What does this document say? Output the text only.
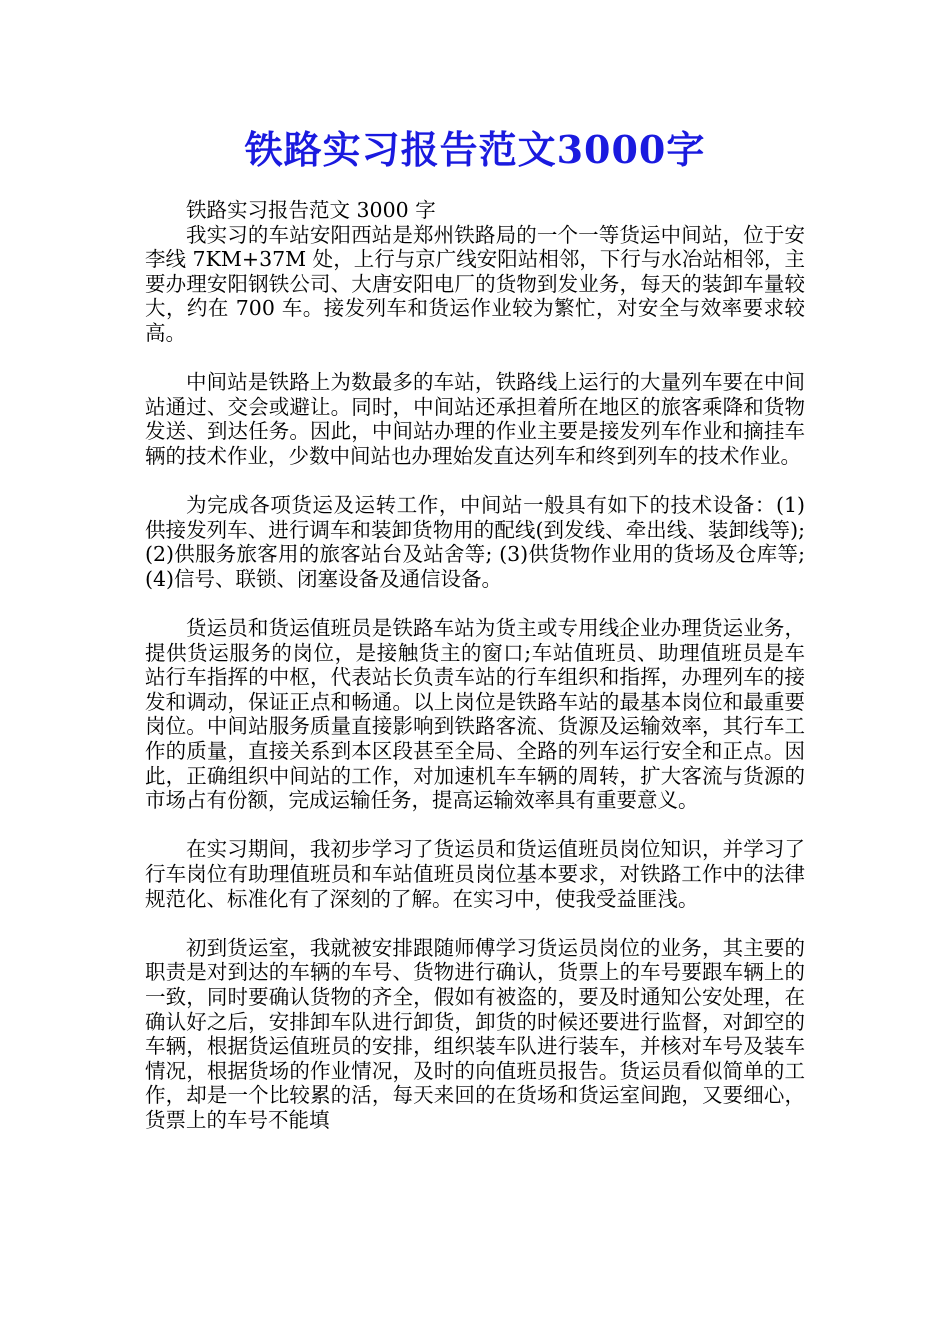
铁路实习报告范文3000字

铁路实习报告范文 3000 字

我实习的车站安阳西站是郑州铁路局的一个一等货运中间站，位于安李线 7KM+37M 处，上行与京广线安阳站相邻，下行与水冶站相邻，主要办理安阳钢铁公司、大唐安阳电厂的货物到发业务，每天的装卸车量较大，约在 700 车。接发列车和货运作业较为繁忙，对安全与效率要求较高。

中间站是铁路上为数最多的车站，铁路线上运行的大量列车要在中间站通过、交会或避让。同时，中间站还承担着所在地区的旅客乘降和货物发送、到达任务。因此，中间站办理的作业主要是接发列车作业和摘挂车辆的技术作业，少数中间站也办理始发直达列车和终到列车的技术作业。

为完成各项货运及运转工作，中间站一般具有如下的技术设备：(1)供接发列车、进行调车和装卸货物用的配线(到发线、牵出线、装卸线等); (2)供服务旅客用的旅客站台及站舍等; (3)供货物作业用的货场及仓库等; (4)信号、联锁、闭塞设备及通信设备。

货运员和货运值班员是铁路车站为货主或专用线企业办理货运业务，提供货运服务的岗位，是接触货主的窗口;车站值班员、助理值班员是车站行车指挥的中枢，代表站长负责车站的行车组织和指挥，办理列车的接发和调动，保证正点和畅通。以上岗位是铁路车站的最基本岗位和最重要岗位。中间站服务质量直接影响到铁路客流、货源及运输效率，其行车工作的质量，直接关系到本区段甚至全局、全路的列车运行安全和正点。因此，正确组织中间站的工作，对加速机车车辆的周转，扩大客流与货源的市场占有份额，完成运输任务，提高运输效率具有重要意义。

在实习期间，我初步学习了货运员和货运值班员岗位知识，并学习了行车岗位有助理值班员和车站值班员岗位基本要求，对铁路工作中的法律规范化、标准化有了深刻的了解。在实习中，使我受益匪浅。

初到货运室，我就被安排跟随师傅学习货运员岗位的业务，其主要的职责是对到达的车辆的车号、货物进行确认，货票上的车号要跟车辆上的一致，同时要确认货物的齐全，假如有被盗的，要及时通知公安处理，在确认好之后，安排卸车队进行卸货，卸货的时候还要进行监督，对卸空的车辆，根据货运值班员的安排，组织装车队进行装车，并核对车号及装车情况，根据货场的作业情况，及时的向值班员报告。货运员看似简单的工作，却是一个比较累的活，每天来回的在货场和货运室间跑，又要细心，货票上的车号不能填
